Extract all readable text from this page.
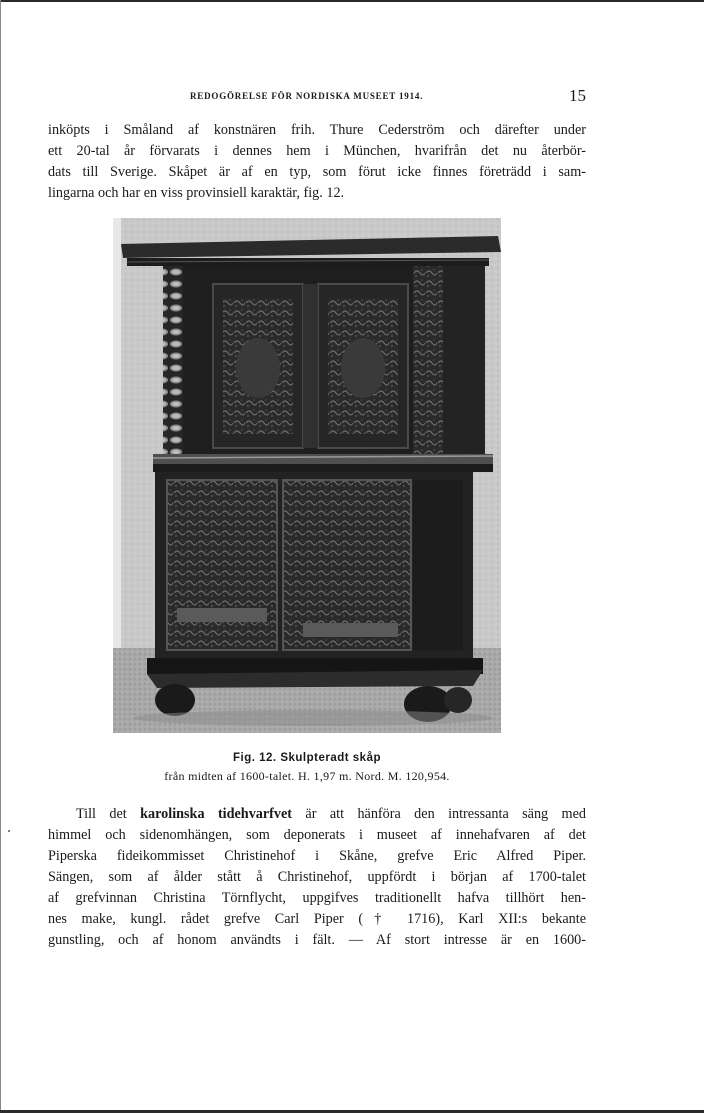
REDOGÖRELSE FÖR NORDISKA MUSEET 1914.	15
inköpts i Småland af konstnären frih. Thure Cederström och därefter under
ett 20-tal år förvarats i dennes hem i München, hvarifrån det nu återbör-
dats till Sverige. Skåpet är af en typ, som förut icke finnes företrädd i sam-
lingarna och har en viss provinsiell karaktär, fig. 12.
Fig. 12. Skulpteradt skåp
från midten af 1600-talet. H. 1,97 m. Nord. M. 120,954.
Till det karolinska tidehvarfvet är att hänföra den intressanta säng med
himmel och sidenomhängen, som deponerats i museet af innehafvaren af det
Piperska fideikommisset Christinehof i Skåne, grefve Eric Alfred Piper.
Sängen, som af ålder stått å Christinehof, uppfördt i början af 1700-talet
af grefvinnan Christina Törnflycht, uppgifves traditionellt hafva tillhört hen-
nes make, kungl. rådet grefve Carl Piper († 1716), Karl XII:s bekante
gunstling, och af honom användts i fält. — Af stort intresse är en 1600-
